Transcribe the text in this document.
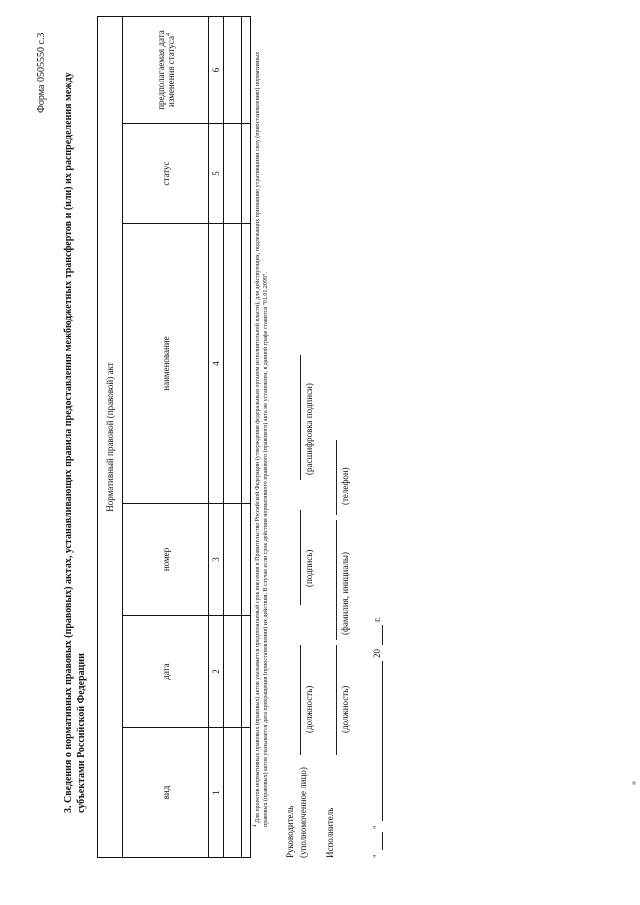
Форма 0505550 с.3 3. Сведения о нормативных правовых (правовых) актах, устанавливающих правила предоставления межбюджетных трансфертов и (или) их распределения между субъектами Российской Федерации
Нормативный правовой (правовой) акт					
вид	дата	номер	наименование	статус	предполагаемая дата изменения статуса$^4$
1	2	3	4	5	6

$^4$ Для проектов нормативных правовых (правовых) актов указывается предполагаемый срок внесения в Правительство Российской Федерации (утверждения федеральным органом исполнительной власти), для действующих, подлежащих признанию утратившими силу (приостановлению) нормативных правовых (правовых) актов указывается дата прекращения (приостановления) их действия. В случае если срок действия нормативного правового (правового) акта не установлен, в данной графе ставится "01.01.2099".
Руководитель (уполномоченное лицо)
(должность)
(подпись)
(расшифровка подписи)
Исполнитель
(должность)
(фамилия, инициалы)
(телефон)
"
"
20
г.
